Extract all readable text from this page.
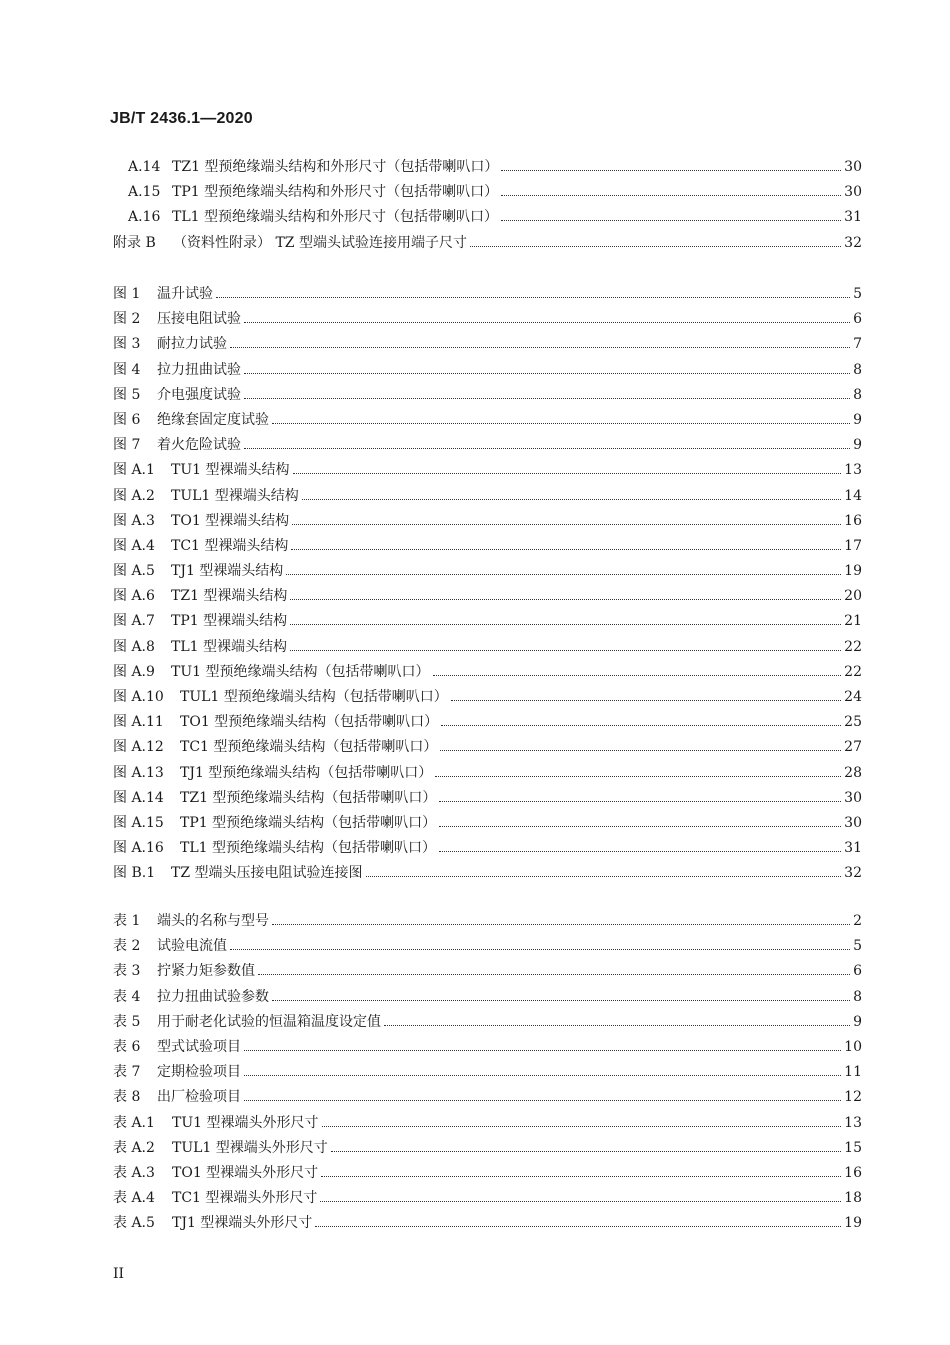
JB/T 2436.1—2020
A.14 TZ1 型预绝缘端头结构和外形尺寸（包括带喇叭口）	30
A.15 TP1 型预绝缘端头结构和外形尺寸（包括带喇叭口）	30
A.16 TL1 型预绝缘端头结构和外形尺寸（包括带喇叭口）	31
附录 B （资料性附录） TZ 型端头试验连接用端子尺寸	32
图 1 温升试验	5
图 2 压接电阻试验	6
图 3 耐拉力试验	7
图 4 拉力扭曲试验	8
图 5 介电强度试验	8
图 6 绝缘套固定度试验	9
图 7 着火危险试验	9
图 A.1 TU1 型裸端头结构	13
图 A.2 TUL1 型裸端头结构	14
图 A.3 TO1 型裸端头结构	16
图 A.4 TC1 型裸端头结构	17
图 A.5 TJ1 型裸端头结构	19
图 A.6 TZ1 型裸端头结构	20
图 A.7 TP1 型裸端头结构	21
图 A.8 TL1 型裸端头结构	22
图 A.9 TU1 型预绝缘端头结构（包括带喇叭口）	22
图 A.10 TUL1 型预绝缘端头结构（包括带喇叭口）	24
图 A.11 TO1 型预绝缘端头结构（包括带喇叭口）	25
图 A.12 TC1 型预绝缘端头结构（包括带喇叭口）	27
图 A.13 TJ1 型预绝缘端头结构（包括带喇叭口）	28
图 A.14 TZ1 型预绝缘端头结构（包括带喇叭口）	30
图 A.15 TP1 型预绝缘端头结构（包括带喇叭口）	30
图 A.16 TL1 型预绝缘端头结构（包括带喇叭口）	31
图 B.1 TZ 型端头压接电阻试验连接图	32
表 1 端头的名称与型号	2
表 2 试验电流值	5
表 3 拧紧力矩参数值	6
表 4 拉力扭曲试验参数	8
表 5 用于耐老化试验的恒温箱温度设定值	9
表 6 型式试验项目	10
表 7 定期检验项目	11
表 8 出厂检验项目	12
表 A.1 TU1 型裸端头外形尺寸	13
表 A.2 TUL1 型裸端头外形尺寸	15
表 A.3 TO1 型裸端头外形尺寸	16
表 A.4 TC1 型裸端头外形尺寸	18
表 A.5 TJ1 型裸端头外形尺寸	19
II
